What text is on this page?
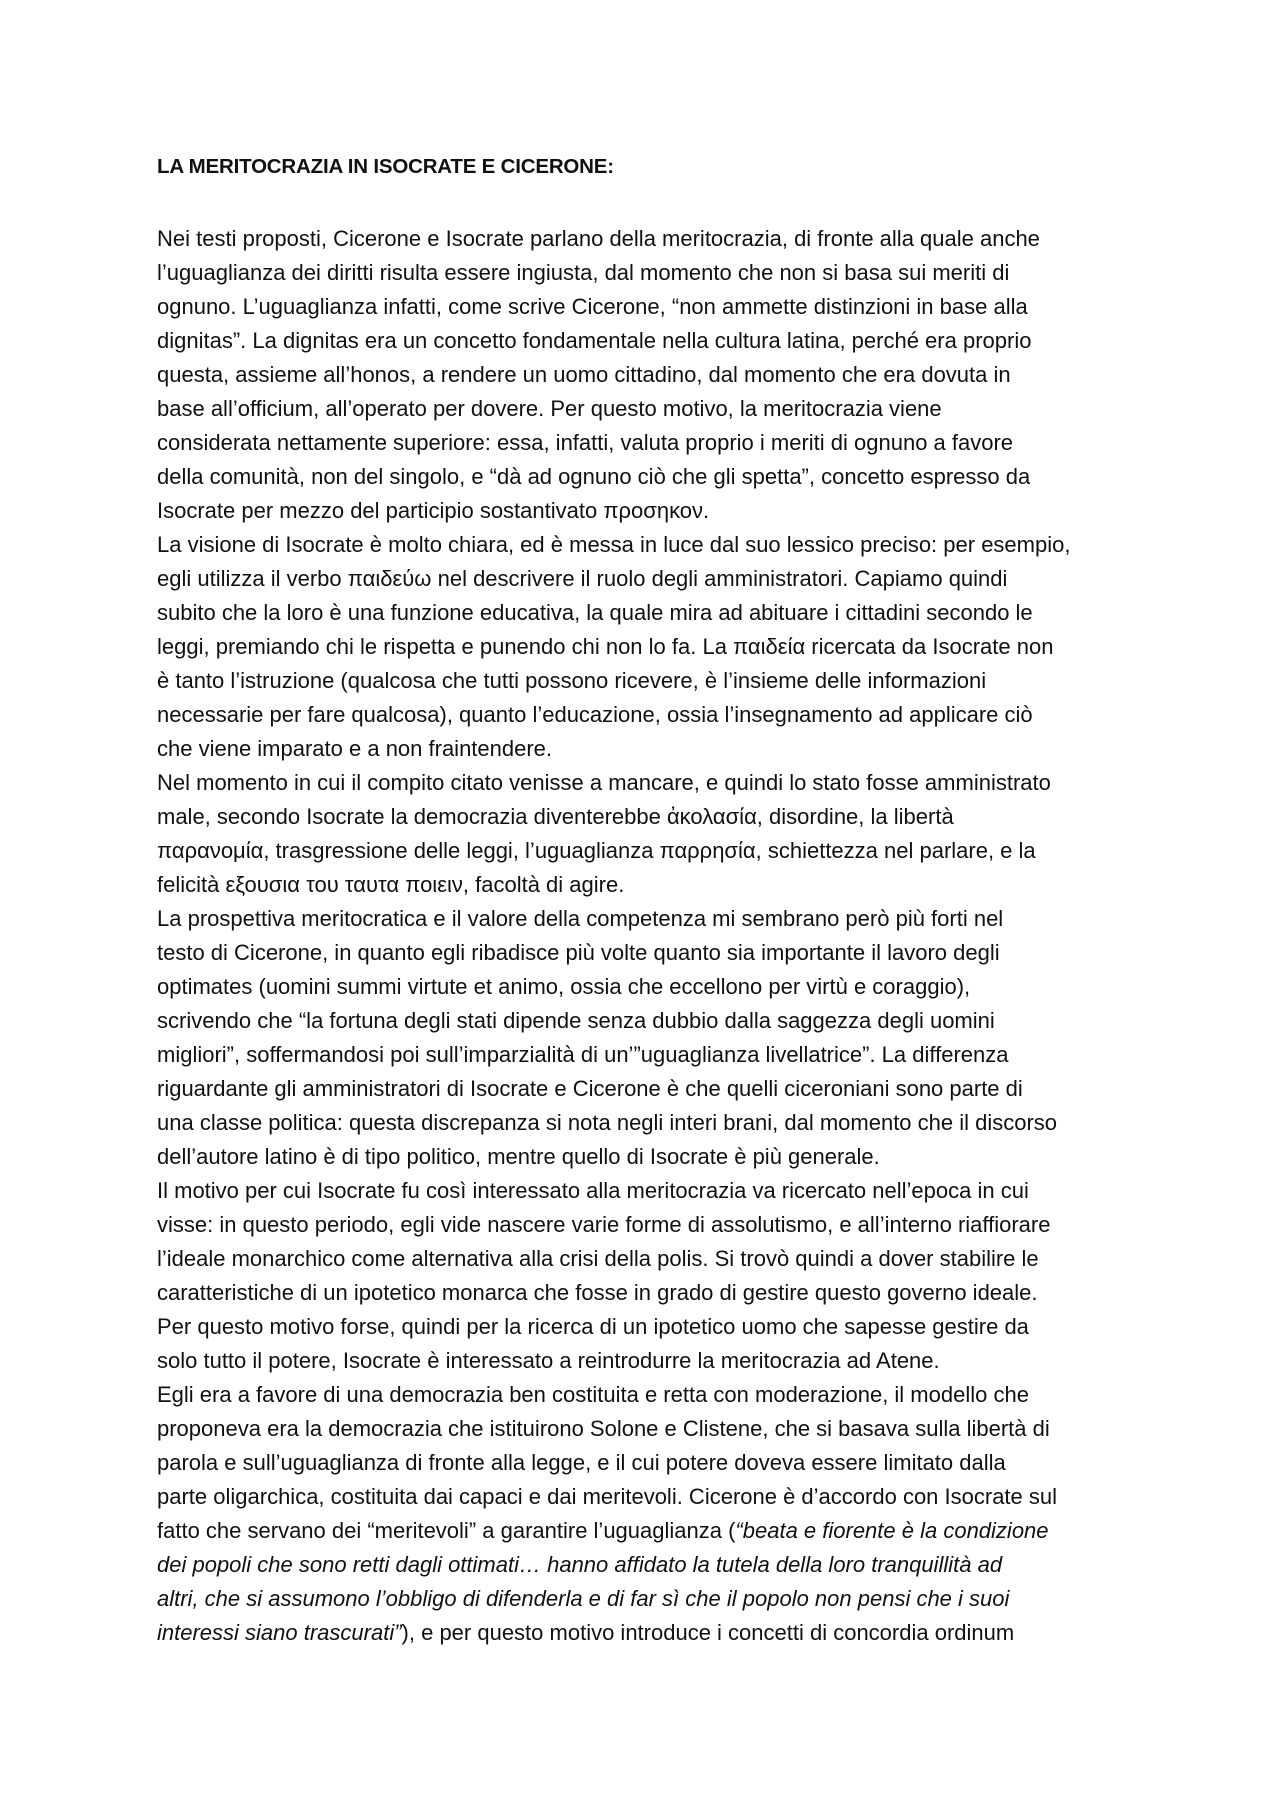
LA MERITOCRAZIA IN ISOCRATE E CICERONE:
Nei testi proposti, Cicerone e Isocrate parlano della meritocrazia, di fronte alla quale anche
l’uguaglianza dei diritti risulta essere ingiusta, dal momento che non si basa sui meriti di
ognuno. L’uguaglianza infatti, come scrive Cicerone, “non ammette distinzioni in base alla
dignitas”. La dignitas era un concetto fondamentale nella cultura latina, perché era proprio
questa, assieme all’honos, a rendere un uomo cittadino, dal momento che era dovuta in
base all’officium, all’operato per dovere. Per questo motivo, la meritocrazia viene
considerata nettamente superiore: essa, infatti, valuta proprio i meriti di ognuno a favore
della comunità, non del singolo, e “dà ad ognuno ciò che gli spetta”, concetto espresso da
Isocrate per mezzo del participio sostantivato προσηκον.
La visione di Isocrate è molto chiara, ed è messa in luce dal suo lessico preciso: per esempio,
egli utilizza il verbo παιδεύω nel descrivere il ruolo degli amministratori. Capiamo quindi
subito che la loro è una funzione educativa, la quale mira ad abituare i cittadini secondo le
leggi, premiando chi le rispetta e punendo chi non lo fa. La παιδεία ricercata da Isocrate non
è tanto l’istruzione (qualcosa che tutti possono ricevere, è l’insieme delle informazioni
necessarie per fare qualcosa), quanto l’educazione, ossia l’insegnamento ad applicare ciò
che viene imparato e a non fraintendere.
Nel momento in cui il compito citato venisse a mancare, e quindi lo stato fosse amministrato
male, secondo Isocrate la democrazia diventerebbe ἀκολασία, disordine, la libertà
παρανομία, trasgressione delle leggi, l’uguaglianza παρρησία, schiettezza nel parlare, e la
felicità εξουσια του ταυτα ποιειν, facoltà di agire.
La prospettiva meritocratica e il valore della competenza mi sembrano però più forti nel
testo di Cicerone, in quanto egli ribadisce più volte quanto sia importante il lavoro degli
optimates (uomini summi virtute et animo, ossia che eccellono per virtù e coraggio),
scrivendo che “la fortuna degli stati dipende senza dubbio dalla saggezza degli uomini
migliori”, soffermandosi poi sull’imparzialità di un’”uguaglianza livellatrice”. La differenza
riguardante gli amministratori di Isocrate e Cicerone è che quelli ciceroniani sono parte di
una classe politica: questa discrepanza si nota negli interi brani, dal momento che il discorso
dell’autore latino è di tipo politico, mentre quello di Isocrate è più generale.
Il motivo per cui Isocrate fu così interessato alla meritocrazia va ricercato nell’epoca in cui
visse: in questo periodo, egli vide nascere varie forme di assolutismo, e all’interno riaffiorare
l’ideale monarchico come alternativa alla crisi della polis. Si trovò quindi a dover stabilire le
caratteristiche di un ipotetico monarca che fosse in grado di gestire questo governo ideale.
Per questo motivo forse, quindi per la ricerca di un ipotetico uomo che sapesse gestire da
solo tutto il potere, Isocrate è interessato a reintrodurre la meritocrazia ad Atene.
Egli era a favore di una democrazia ben costituita e retta con moderazione, il modello che
proponeva era la democrazia che istituirono Solone e Clistene, che si basava sulla libertà di
parola e sull’uguaglianza di fronte alla legge, e il cui potere doveva essere limitato dalla
parte oligarchica, costituita dai capaci e dai meritevoli. Cicerone è d’accordo con Isocrate sul
fatto che servano dei “meritevoli” a garantire l’uguaglianza (“beata e fiorente è la condizione
dei popoli che sono retti dagli ottimati… hanno affidato la tutela della loro tranquillità ad
altri, che si assumono l’obbligo di difenderla e di far sì che il popolo non pensi che i suoi
interessi siano trascurati”), e per questo motivo introduce i concetti di concordia ordinum
